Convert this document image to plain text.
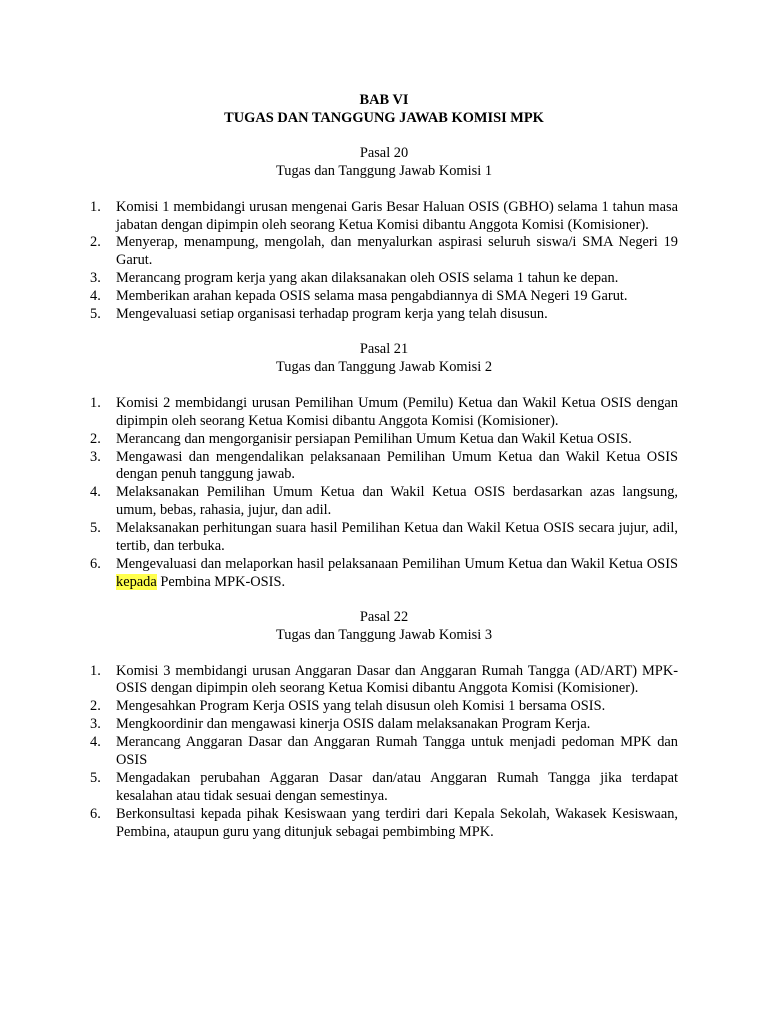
BAB VI
TUGAS DAN TANGGUNG JAWAB KOMISI MPK
Pasal 20
Tugas dan Tanggung Jawab Komisi 1
1.	Komisi 1 membidangi urusan mengenai Garis Besar Haluan OSIS (GBHO) selama 1 tahun masa jabatan dengan dipimpin oleh seorang Ketua Komisi dibantu Anggota Komisi (Komisioner).
2.	Menyerap, menampung, mengolah, dan menyalurkan aspirasi seluruh siswa/i SMA Negeri 19 Garut.
3.	Merancang program kerja yang akan dilaksanakan oleh OSIS selama 1 tahun ke depan.
4.	Memberikan arahan kepada OSIS selama masa pengabdiannya di SMA Negeri 19 Garut.
5.	Mengevaluasi setiap organisasi terhadap program kerja yang telah disusun.
Pasal 21
Tugas dan Tanggung Jawab Komisi 2
1.	Komisi 2 membidangi urusan Pemilihan Umum (Pemilu) Ketua dan Wakil Ketua OSIS dengan dipimpin oleh seorang Ketua Komisi dibantu Anggota Komisi (Komisioner).
2.	Merancang dan mengorganisir persiapan Pemilihan Umum Ketua dan Wakil Ketua OSIS.
3.	Mengawasi dan mengendalikan pelaksanaan Pemilihan Umum Ketua dan Wakil Ketua OSIS dengan penuh tanggung jawab.
4.	Melaksanakan Pemilihan Umum Ketua dan Wakil Ketua OSIS berdasarkan azas langsung, umum, bebas, rahasia, jujur, dan adil.
5.	Melaksanakan perhitungan suara hasil Pemilihan Ketua dan Wakil Ketua OSIS secara jujur, adil, tertib, dan terbuka.
6.	Mengevaluasi dan melaporkan hasil pelaksanaan Pemilihan Umum Ketua dan Wakil Ketua OSIS kepada Pembina MPK-OSIS.
Pasal 22
Tugas dan Tanggung Jawab Komisi 3
1.	Komisi 3 membidangi urusan Anggaran Dasar dan Anggaran Rumah Tangga (AD/ART) MPK-OSIS dengan dipimpin oleh seorang Ketua Komisi dibantu Anggota Komisi (Komisioner).
2.	Mengesahkan Program Kerja OSIS yang telah disusun oleh Komisi 1 bersama OSIS.
3.	Mengkoordinir dan mengawasi kinerja OSIS dalam melaksanakan Program Kerja.
4.	Merancang Anggaran Dasar dan Anggaran Rumah Tangga untuk menjadi pedoman MPK dan OSIS
5.	Mengadakan perubahan Aggaran Dasar dan/atau Anggaran Rumah Tangga jika terdapat kesalahan atau tidak sesuai dengan semestinya.
6.	Berkonsultasi kepada pihak Kesiswaan yang terdiri dari Kepala Sekolah, Wakasek Kesiswaan, Pembina, ataupun guru yang ditunjuk sebagai pembimbing MPK.
